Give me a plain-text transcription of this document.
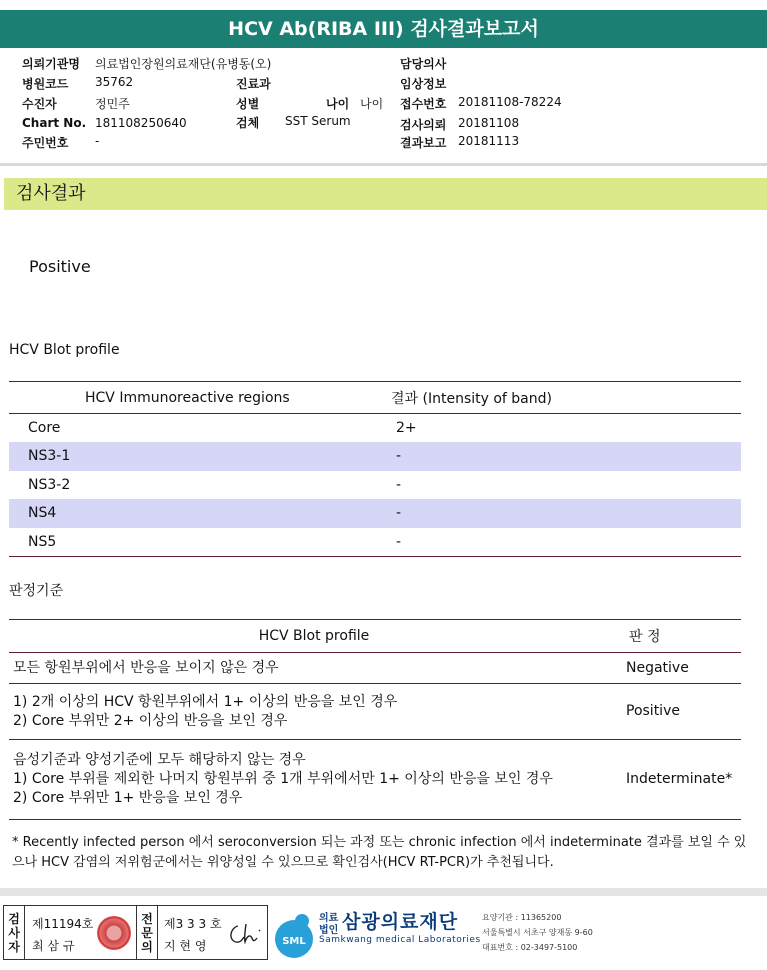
HCV Ab(RIBA III) 검사결과보고서
의뢰기관명 의료법인장원의료재단(유병동(오)	담당의사
병원코드 35762	진료과	임상정보
수진자	정민주	성별	나이 나이 접수번호 20181108-78224
Chart No. 181108250640	검체 SST Serum	검사의뢰 20181108
주민번호 -	결과보고 20181113
검사결과
Positive
HCV Blot profile
HCV Immunoreactive regions	결과 (Intensity of band)
Core	2+
NS3-1	-
NS3-2	-
NS4	-
NS5	-
판정기준
HCV Blot profile	판 정

모든 항원부위에서 반응을 보이지 않은 경우	Negative

1) 2개 이상의 HCV 항원부위에서 1+ 이상의 반응을 보인 경우
2) Core 부위만 2+ 이상의 반응을 보인 경우	Positive

음성기준과 양성기준에 모두 해당하지 않는 경우
1) Core 부위를 제외한 나머지 항원부위 중 1개 부위에서만 1+ 이상의 반응을 보인 경우
2) Core 부위만 1+ 반응을 보인 경우	Indeterminate*
* Recently infected person 에서 seroconversion 되는 과정 또는 chronic infection 에서 indeterminate 결과를 보일 수 있으나 HCV 감염의 저위험군에서는 위양성일 수 있으므로 확인검사(HCV RT-PCR)가 추천됩니다.
검
사
자
제11194호
최 삼 규
전
문
의
제3 3 3 호
지 현 영	SML
의료
법인 삼광의료재단
Samkwang medical Laboratories
요양기관 : 11365200
서울특별시 서초구 양재동 9-60
대표번호 : 02-3497-5100
